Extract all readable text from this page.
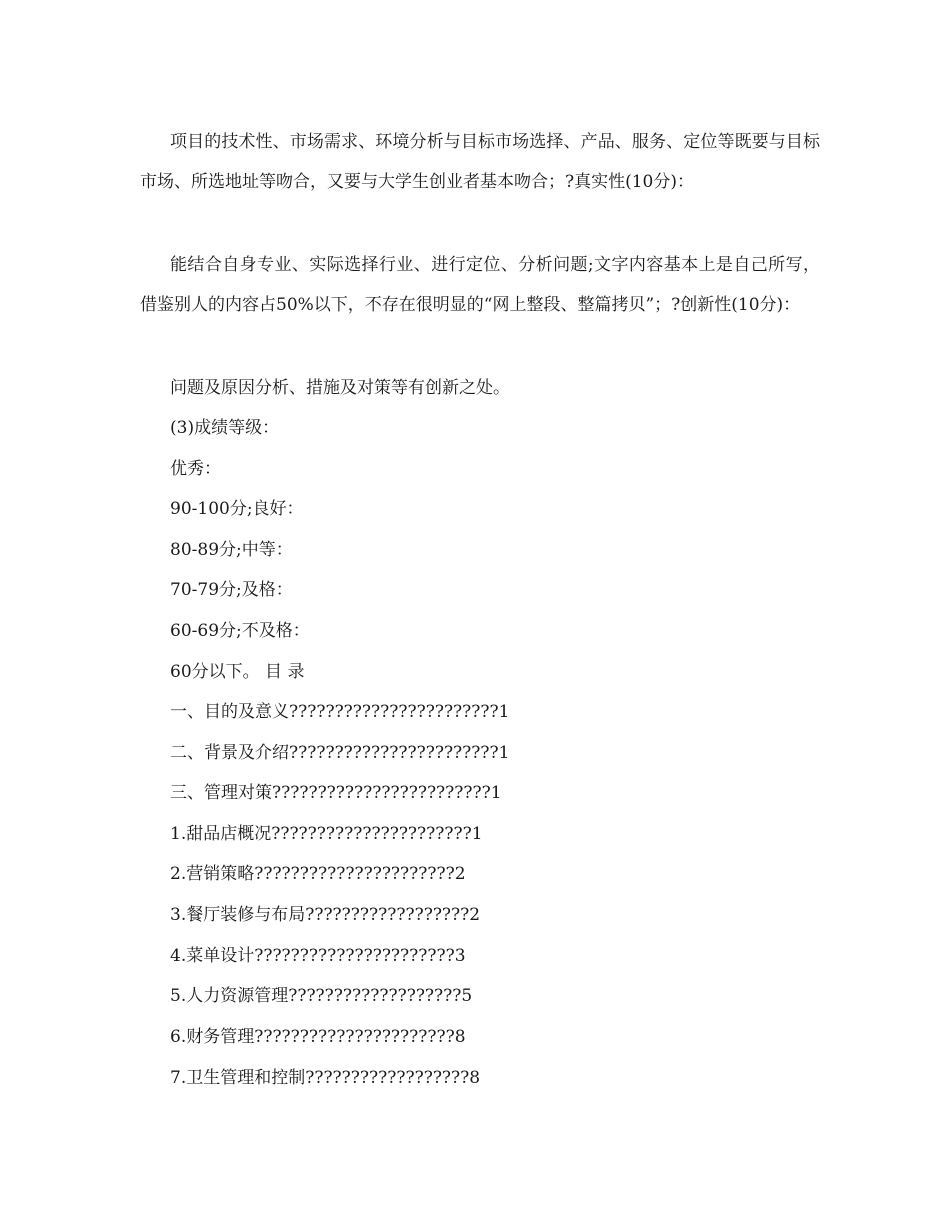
项目的技术性、市场需求、环境分析与目标市场选择、产品、服务、定位等既要与目标市场、所选地址等吻合，又要与大学生创业者基本吻合；?真实性(10分)：

能结合自身专业、实际选择行业、进行定位、分析问题;文字内容基本上是自己所写，借鉴别人的内容占50%以下，不存在很明显的“网上整段、整篇拷贝”；?创新性(10分)：

问题及原因分析、措施及对策等有创新之处。

(3)成绩等级：

优秀：

90-100分;良好：

80-89分;中等：

70-79分;及格：

60-69分;不及格：

60分以下。 目 录

一、目的及意义???????????????????????1

二、背景及介绍???????????????????????1

三、管理对策????????????????????????1

1.甜品店概况??????????????????????1

2.营销策略??????????????????????2

3.餐厅装修与布局??????????????????2

4.菜单设计??????????????????????3

5.人力资源管理???????????????????5

6.财务管理??????????????????????8

7.卫生管理和控制??????????????????8
